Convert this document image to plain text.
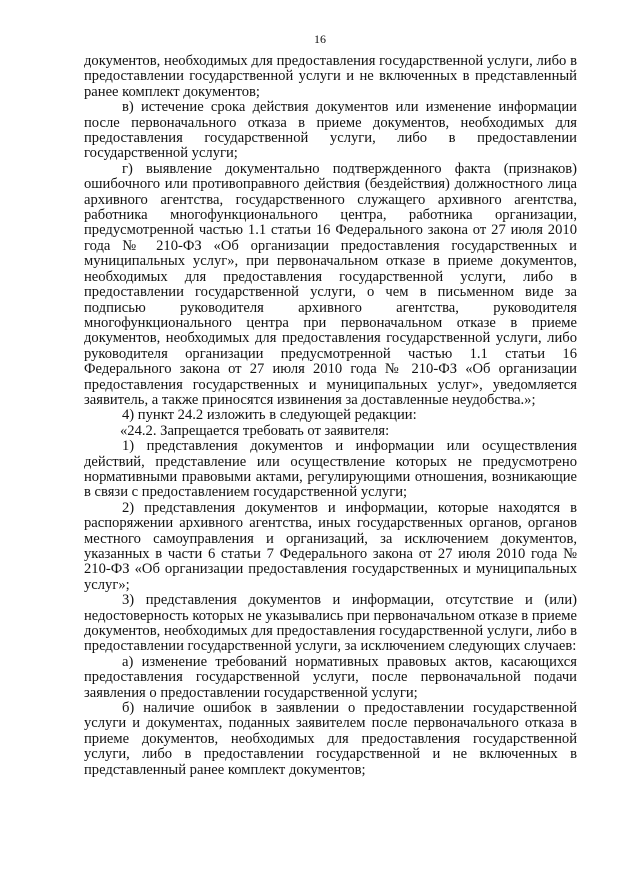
16

документов, необходимых для предоставления государственной услуги, либо в предоставлении государственной услуги и не включенных в представленный ранее комплект документов;

в) истечение срока действия документов или изменение информации после первоначального отказа в приеме документов, необходимых для предоставления государственной услуги, либо в предоставлении государственной услуги;

г) выявление документально подтвержденного факта (признаков) ошибочного или противоправного действия (бездействия) должностного лица архивного агентства, государственного служащего архивного агентства, работника многофункционального центра, работника организации, предусмотренной частью 1.1 статьи 16 Федерального закона от 27 июля 2010 года № 210-ФЗ «Об организации предоставления государственных и муниципальных услуг», при первоначальном отказе в приеме документов, необходимых для предоставления государственной услуги, либо в предоставлении государственной услуги, о чем в письменном виде за подписью руководителя архивного агентства, руководителя многофункционального центра при первоначальном отказе в приеме документов, необходимых для предоставления государственной услуги, либо руководителя организации предусмотренной частью 1.1 статьи 16 Федерального закона от 27 июля 2010 года № 210-ФЗ «Об организации предоставления государственных и муниципальных услуг», уведомляется заявитель, а также приносятся извинения за доставленные неудобства.»;

4) пункт 24.2 изложить в следующей редакции:

«24.2. Запрещается требовать от заявителя:

1) представления документов и информации или осуществления действий, представление или осуществление которых не предусмотрено нормативными правовыми актами, регулирующими отношения, возникающие в связи с предоставлением государственной услуги;

2) представления документов и информации, которые находятся в распоряжении архивного агентства, иных государственных органов, органов местного самоуправления и организаций, за исключением документов, указанных в части 6 статьи 7 Федерального закона от 27 июля 2010 года № 210-ФЗ «Об организации предоставления государственных и муниципальных услуг»;

3) представления документов и информации, отсутствие и (или) недостоверность которых не указывались при первоначальном отказе в приеме документов, необходимых для предоставления государственной услуги, либо в предоставлении государственной услуги, за исключением следующих случаев:

а) изменение требований нормативных правовых актов, касающихся предоставления государственной услуги, после первоначальной подачи заявления о предоставлении государственной услуги;

б) наличие ошибок в заявлении о предоставлении государственной услуги и документах, поданных заявителем после первоначального отказа в приеме документов, необходимых для предоставления государственной услуги, либо в предоставлении государственной и не включенных в представленный ранее комплект документов;
